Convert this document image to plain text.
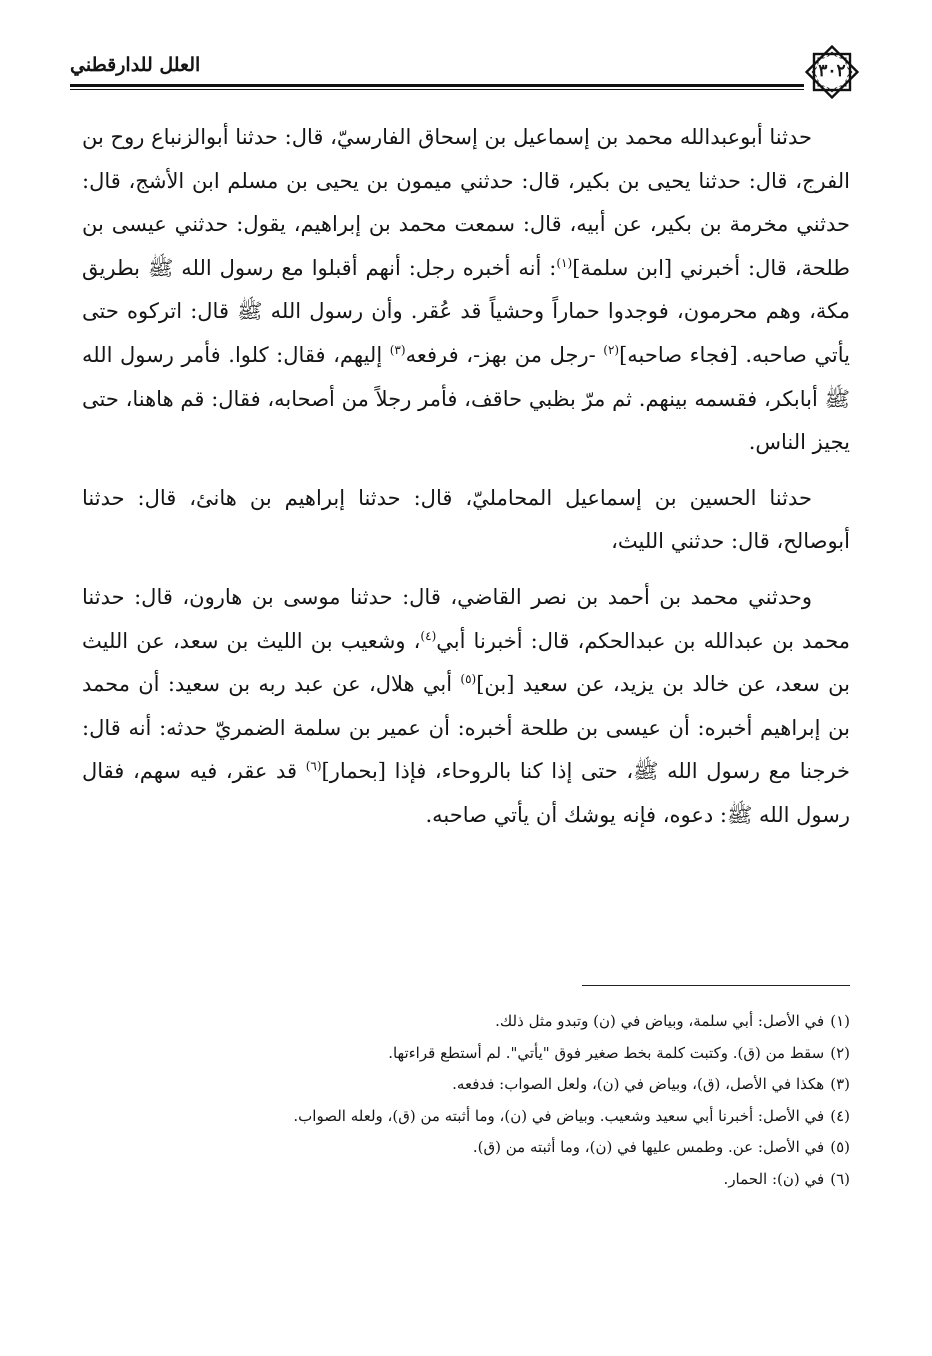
العلل للدارقطني	٣٠٢

حدثنا أبوعبدالله محمد بن إسماعيل بن إسحاق الفارسيّ، قال: حدثنا أبوالزنباع روح بن الفرج، قال: حدثنا يحيى بن بكير، قال: حدثني ميمون بن يحيى بن مسلم ابن الأشج، قال: حدثني مخرمة بن بكير، عن أبيه، قال: سمعت محمد بن إبراهيم، يقول: حدثني عيسى بن طلحة، قال: أخبرني [ابن سلمة]$^{(١)}$: أنه أخبره رجل: أنهم أقبلوا مع رسول الله ﷺ بطريق مكة، وهم محرمون، فوجدوا حماراً وحشياً قد عُقر. وأن رسول الله ﷺ قال: اتركوه حتى يأتي صاحبه. [فجاء صاحبه]$^{(٢)}$ -رجل من بهز-، فرفعه$^{(٣)}$ إليهم، فقال: كلوا. فأمر رسول الله ﷺ أبابكر، فقسمه بينهم. ثم مرّ بظبي حاقف، فأمر رجلاً من أصحابه، فقال: قم هاهنا، حتى يجيز الناس.

حدثنا الحسين بن إسماعيل المحامليّ، قال: حدثنا إبراهيم بن هانئ، قال: حدثنا أبوصالح، قال: حدثني الليث،

وحدثني محمد بن أحمد بن نصر القاضي، قال: حدثنا موسى بن هارون، قال: حدثنا محمد بن عبدالله بن عبدالحكم، قال: أخبرنا أبي$^{(٤)}$، وشعيب بن الليث بن سعد، عن الليث بن سعد، عن خالد بن يزيد، عن سعيد [بن]$^{(٥)}$ أبي هلال، عن عبد ربه بن سعيد: أن محمد بن إبراهيم أخبره: أن عيسى بن طلحة أخبره: أن عمير بن سلمة الضمريّ حدثه: أنه قال: خرجنا مع رسول الله ﷺ، حتى إذا كنا بالروحاء، فإذا [بحمار]$^{(٦)}$ قد عقر، فيه سهم، فقال رسول الله ﷺ: دعوه، فإنه يوشك أن يأتي صاحبه.

(١)في الأصل: أبي سلمة، وبياض في (ن) وتبدو مثل ذلك.
(٢)سقط من (ق). وكتبت كلمة بخط صغير فوق "يأتي". لم أستطع قراءتها.
(٣)هكذا في الأصل، (ق)، وبياض في (ن)، ولعل الصواب: فدفعه.
(٤)في الأصل: أخبرنا أبي سعيد وشعيب. وبياض في (ن)، وما أثبته من (ق)، ولعله الصواب.
(٥)في الأصل: عن. وطمس عليها في (ن)، وما أثبته من (ق).
(٦)في (ن): الحمار.
